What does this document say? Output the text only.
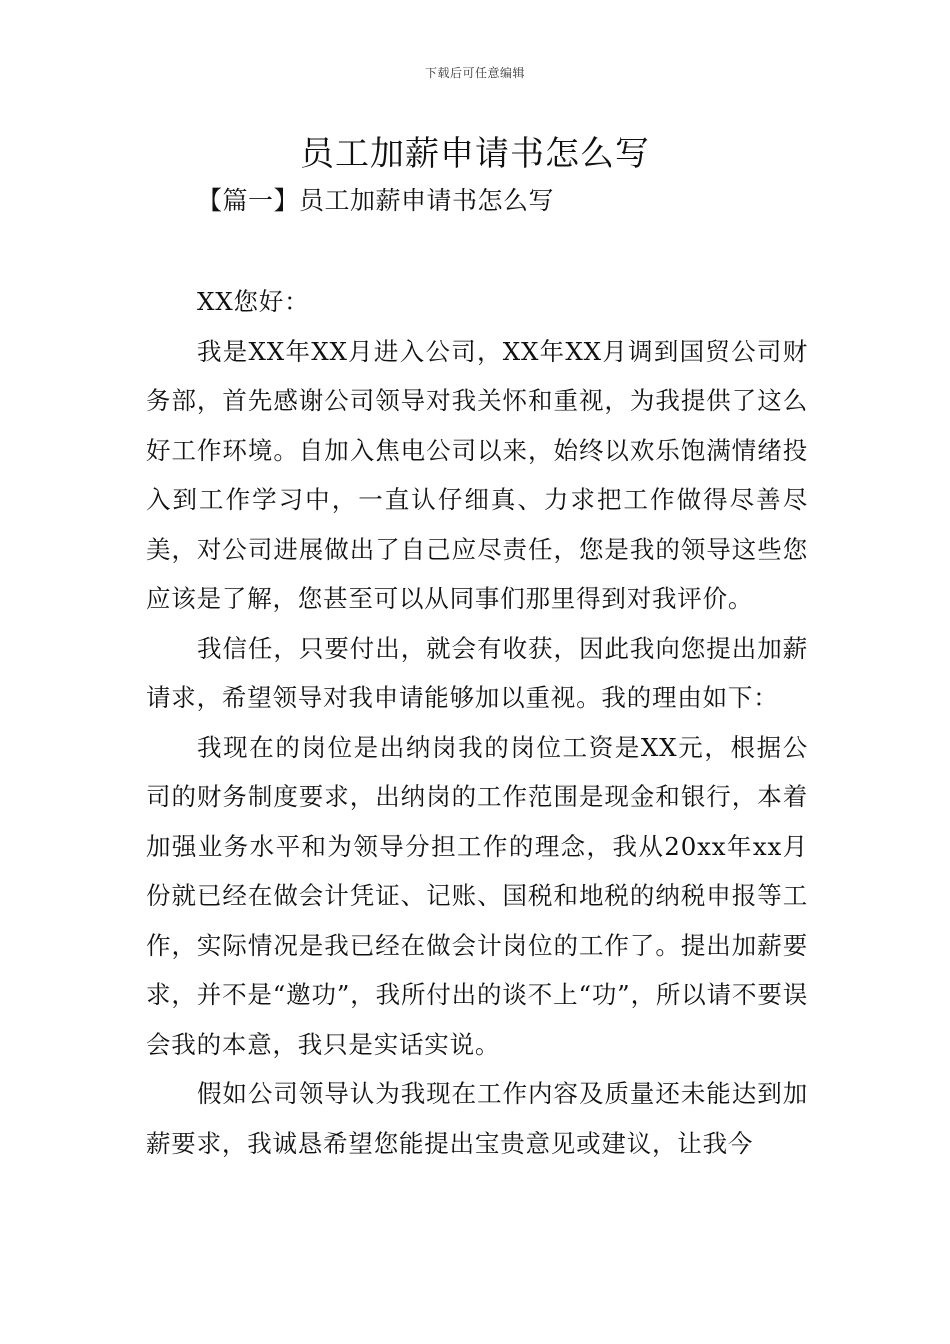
下载后可任意编辑
员工加薪申请书怎么写
【篇一】员工加薪申请书怎么写

XX您好：

我是XX年XX月进入公司，XX年XX月调到国贸公司财务部，首先感谢公司领导对我关怀和重视，为我提供了这么好工作环境。自加入焦电公司以来，始终以欢乐饱满情绪投入到工作学习中，一直认仔细真、力求把工作做得尽善尽美，对公司进展做出了自己应尽责任，您是我的领导这些您应该是了解，您甚至可以从同事们那里得到对我评价。

我信任，只要付出，就会有收获，因此我向您提出加薪请求，希望领导对我申请能够加以重视。我的理由如下：

我现在的岗位是出纳岗我的岗位工资是XX元，根据公司的财务制度要求，出纳岗的工作范围是现金和银行，本着加强业务水平和为领导分担工作的理念，我从20xx年xx月份就已经在做会计凭证、记账、国税和地税的纳税申报等工作，实际情况是我已经在做会计岗位的工作了。提出加薪要求，并不是“邀功”，我所付出的谈不上“功”，所以请不要误会我的本意，我只是实话实说。

假如公司领导认为我现在工作内容及质量还未能达到加薪要求，我诚恳希望您能提出宝贵意见或建议，让我今
